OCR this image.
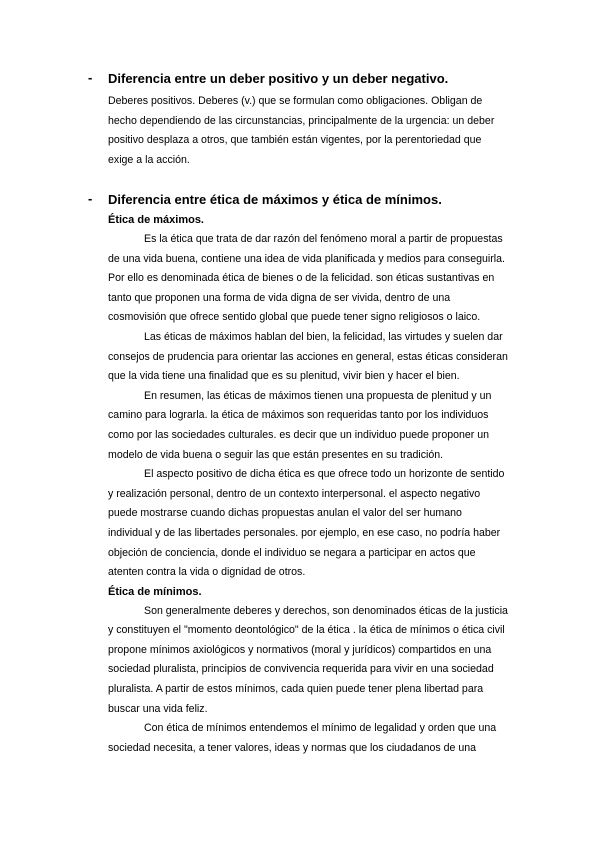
- Diferencia entre un deber positivo y un deber negativo.

Deberes positivos. Deberes (v.) que se formulan como obligaciones. Obligan de
hecho dependiendo de las circunstancias, principalmente de la urgencia: un deber
positivo desplaza a otros, que también están vigentes, por la perentoriedad que
exige a la acción.

- Diferencia entre ética de máximos y ética de mínimos.
Ética de máximos.

Es la ética que trata de dar razón del fenómeno moral a partir de propuestas
de una vida buena, contiene una idea de vida planificada y medios para conseguirla.
Por ello es denominada ética de bienes o de la felicidad. son éticas sustantivas en
tanto que proponen una forma de vida digna de ser vivida, dentro de una
cosmovisión que ofrece sentido global que puede tener signo religiosos o laico.

Las éticas de máximos hablan del bien, la felicidad, las virtudes y suelen dar
consejos de prudencia para orientar las acciones en general, estas éticas consideran
que la vida tiene una finalidad que es su plenitud, vivir bien y hacer el bien.

En resumen, las éticas de máximos tienen una propuesta de plenitud y un
camino para lograrla. la ética de máximos son requeridas tanto por los individuos
como por las sociedades culturales. es decir que un individuo puede proponer un
modelo de vida buena o seguir las que están presentes en su tradición.

El aspecto positivo de dicha ética es que ofrece todo un horizonte de sentido
y realización personal, dentro de un contexto interpersonal. el aspecto negativo
puede mostrarse cuando dichas propuestas anulan el valor del ser humano
individual y de las libertades personales. por ejemplo, en ese caso, no podría haber
objeción de conciencia, donde el individuo se negara a participar en actos que
atenten contra la vida o dignidad de otros.

Ética de mínimos.

Son generalmente deberes y derechos, son denominados éticas de la justicia
y constituyen el "momento deontológico" de la ética . la ética de mínimos o ética civil
propone mínimos axiológicos y normativos (moral y jurídicos) compartidos en una
sociedad pluralista, principios de convivencia requerida para vivir en una sociedad
pluralista. A partir de estos mínimos, cada quien puede tener plena libertad para
buscar una vida feliz.

Con ética de mínimos entendemos el mínimo de legalidad y orden que una
sociedad necesita, a tener valores, ideas y normas que los ciudadanos de una
